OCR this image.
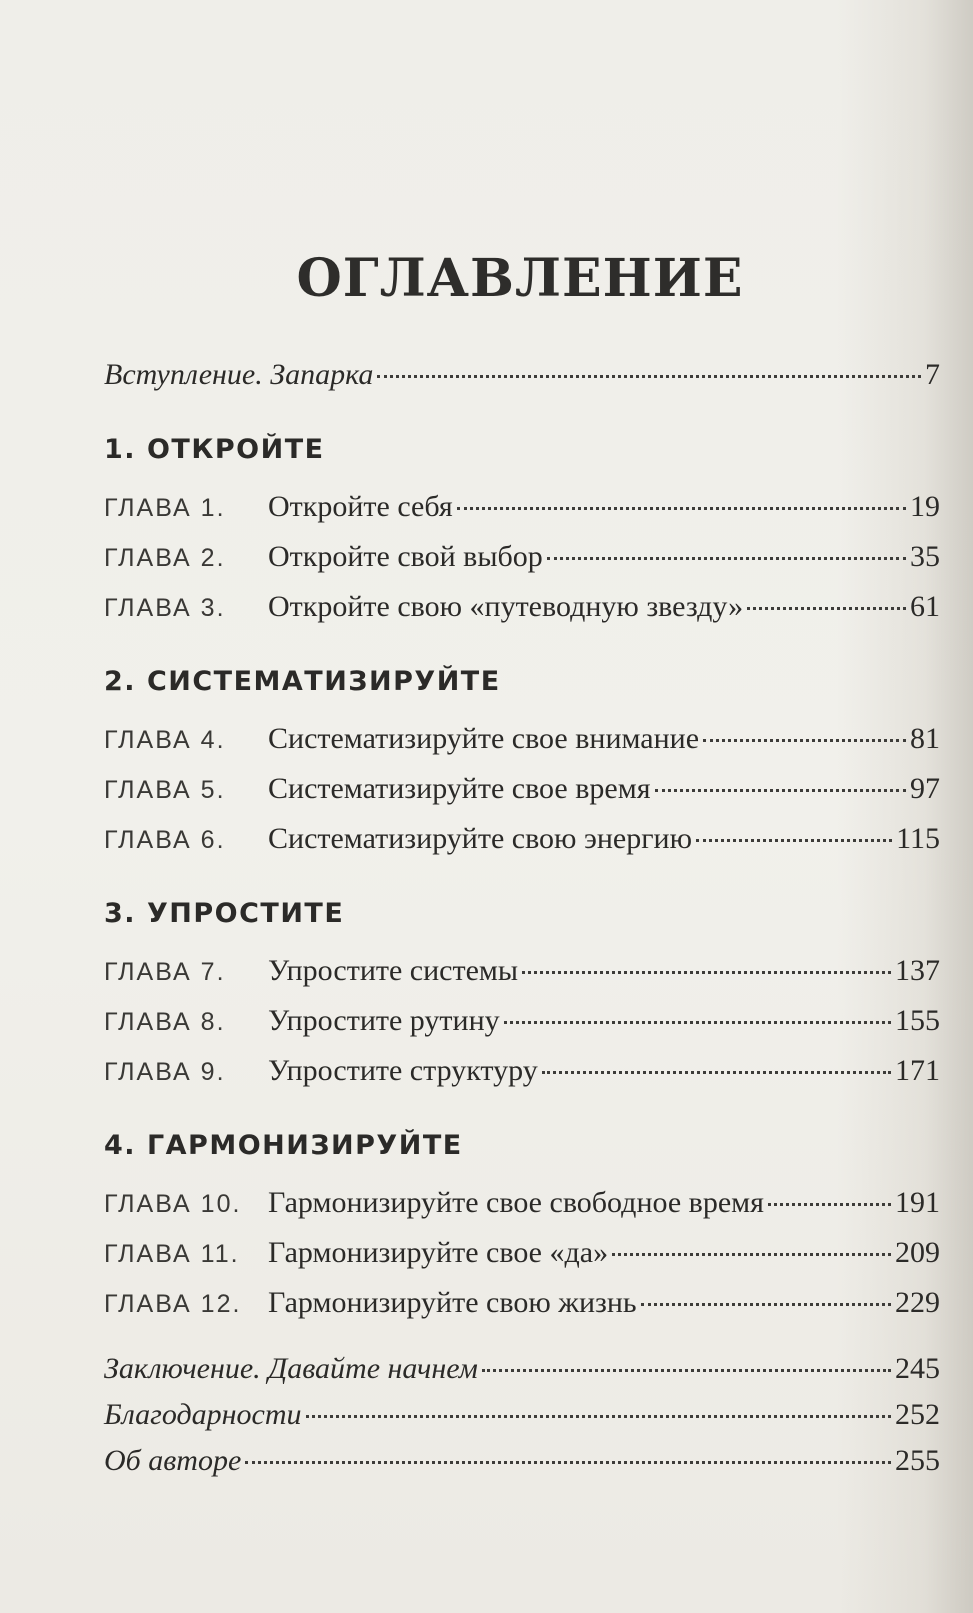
ОГЛАВЛЕНИЕ
Вступление. Запарка	7
1. ОТКРОЙТЕ
ГЛАВА 1.	Откройте себя	19
ГЛАВА 2.	Откройте свой выбор	35
ГЛАВА 3.	Откройте свою «путеводную звезду»	61
2. СИСТЕМАТИЗИРУЙТЕ
ГЛАВА 4.	Систематизируйте свое внимание	81
ГЛАВА 5.	Систематизируйте свое время	97
ГЛАВА 6.	Систематизируйте свою энергию	115
3. УПРОСТИТЕ
ГЛАВА 7.	Упростите системы	137
ГЛАВА 8.	Упростите рутину	155
ГЛАВА 9.	Упростите структуру	171
4. ГАРМОНИЗИРУЙТЕ
ГЛАВА 10. Гармонизируйте свое свободное время	191
ГЛАВА 11. Гармонизируйте свое «да»	209
ГЛАВА 12. Гармонизируйте свою жизнь	229
Заключение. Давайте начнем	245
Благодарности	252
Об авторе	255
